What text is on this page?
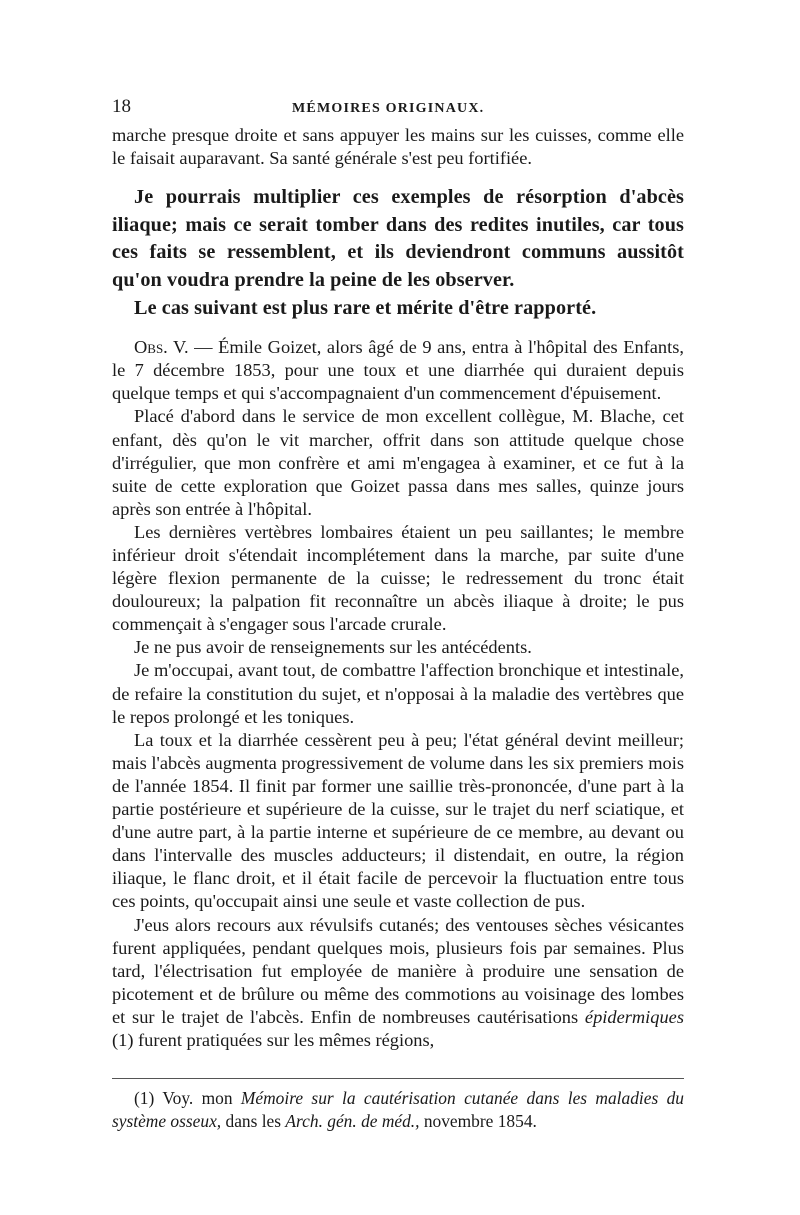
18	MÉMOIRES ORIGINAUX.

marche presque droite et sans appuyer les mains sur les cuisses, comme elle le faisait auparavant. Sa santé générale s'est peu fortifiée.

Je pourrais multiplier ces exemples de résorption d'abcès iliaque; mais ce serait tomber dans des redites inutiles, car tous ces faits se ressemblent, et ils deviendront communs aussitôt qu'on voudra prendre la peine de les observer.

Le cas suivant est plus rare et mérite d'être rapporté.

Obs. V. — Émile Goizet, alors âgé de 9 ans, entra à l'hôpital des Enfants, le 7 décembre 1853, pour une toux et une diarrhée qui duraient depuis quelque temps et qui s'accompagnaient d'un commencement d'épuisement.

Placé d'abord dans le service de mon excellent collègue, M. Blache, cet enfant, dès qu'on le vit marcher, offrit dans son attitude quelque chose d'irrégulier, que mon confrère et ami m'engagea à examiner, et ce fut à la suite de cette exploration que Goizet passa dans mes salles, quinze jours après son entrée à l'hôpital.

Les dernières vertèbres lombaires étaient un peu saillantes; le membre inférieur droit s'étendait incomplétement dans la marche, par suite d'une légère flexion permanente de la cuisse; le redressement du tronc était douloureux; la palpation fit reconnaître un abcès iliaque à droite; le pus commençait à s'engager sous l'arcade crurale.

Je ne pus avoir de renseignements sur les antécédents.

Je m'occupai, avant tout, de combattre l'affection bronchique et intestinale, de refaire la constitution du sujet, et n'opposai à la maladie des vertèbres que le repos prolongé et les toniques.

La toux et la diarrhée cessèrent peu à peu; l'état général devint meilleur; mais l'abcès augmenta progressivement de volume dans les six premiers mois de l'année 1854. Il finit par former une saillie très-prononcée, d'une part à la partie postérieure et supérieure de la cuisse, sur le trajet du nerf sciatique, et d'une autre part, à la partie interne et supérieure de ce membre, au devant ou dans l'intervalle des muscles adducteurs; il distendait, en outre, la région iliaque, le flanc droit, et il était facile de percevoir la fluctuation entre tous ces points, qu'occupait ainsi une seule et vaste collection de pus.

J'eus alors recours aux révulsifs cutanés; des ventouses sèches vésicantes furent appliquées, pendant quelques mois, plusieurs fois par semaines. Plus tard, l'électrisation fut employée de manière à produire une sensation de picotement et de brûlure ou même des commotions au voisinage des lombes et sur le trajet de l'abcès. Enfin de nombreuses cautérisations épidermiques (1) furent pratiquées sur les mêmes régions,

(1) Voy. mon Mémoire sur la cautérisation cutanée dans les maladies du système osseux, dans les Arch. gén. de méd., novembre 1854.
